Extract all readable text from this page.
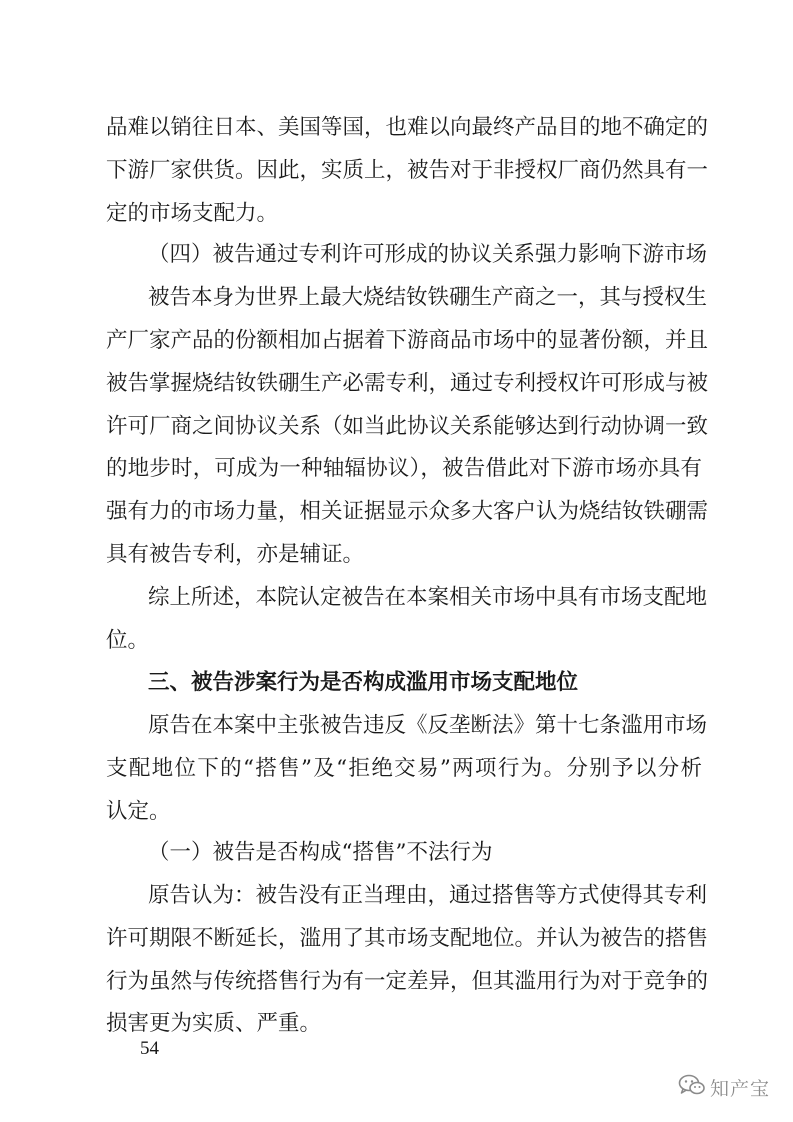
品难以销往日本、美国等国，也难以向最终产品目的地不确定的
下游厂家供货。因此，实质上，被告对于非授权厂商仍然具有一
定的市场支配力。
（四）被告通过专利许可形成的协议关系强力影响下游市场
被告本身为世界上最大烧结钕铁硼生产商之一，其与授权生
产厂家产品的份额相加占据着下游商品市场中的显著份额，并且
被告掌握烧结钕铁硼生产必需专利，通过专利授权许可形成与被
许可厂商之间协议关系（如当此协议关系能够达到行动协调一致
的地步时，可成为一种轴辐协议），被告借此对下游市场亦具有
强有力的市场力量，相关证据显示众多大客户认为烧结钕铁硼需
具有被告专利，亦是辅证。
综上所述，本院认定被告在本案相关市场中具有市场支配地
位。
三、被告涉案行为是否构成滥用市场支配地位
原告在本案中主张被告违反《反垄断法》第十七条滥用市场
支配地位下的“搭售”及“拒绝交易”两项行为。分别予以分析
认定。
（一）被告是否构成“搭售”不法行为
原告认为：被告没有正当理由，通过搭售等方式使得其专利
许可期限不断延长，滥用了其市场支配地位。并认为被告的搭售
行为虽然与传统搭售行为有一定差异，但其滥用行为对于竞争的
损害更为实质、严重。
54
知产宝
